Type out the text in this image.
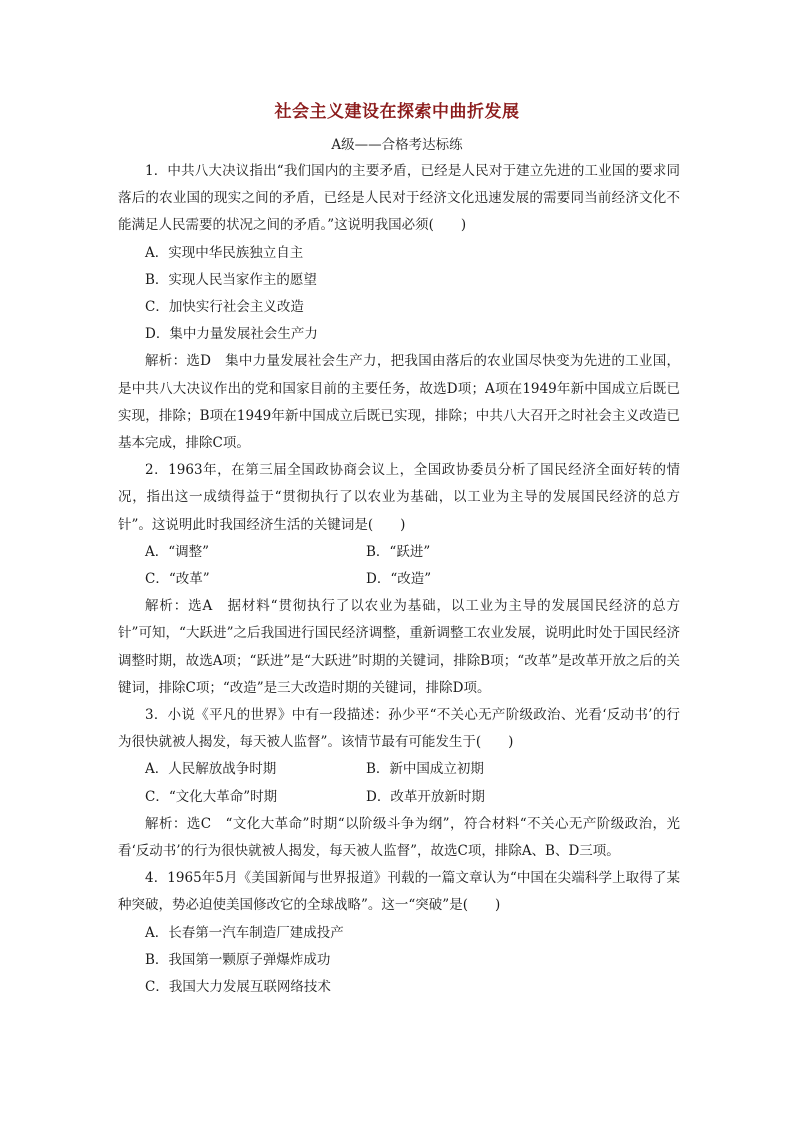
社会主义建设在探索中曲折发展
A级——合格考达标练

1．中共八大决议指出“我们国内的主要矛盾，已经是人民对于建立先进的工业国的要求同落后的农业国的现实之间的矛盾，已经是人民对于经济文化迅速发展的需要同当前经济文化不能满足人民需要的状况之间的矛盾。”这说明我国必须(　　)

A．实现中华民族独立自主

B．实现人民当家作主的愿望

C．加快实行社会主义改造

D．集中力量发展社会生产力

解析：选D　集中力量发展社会生产力，把我国由落后的农业国尽快变为先进的工业国，是中共八大决议作出的党和国家目前的主要任务，故选D项；A项在1949年新中国成立后既已实现，排除；B项在1949年新中国成立后既已实现，排除；中共八大召开之时社会主义改造已基本完成，排除C项。

2．1963年，在第三届全国政协商会议上，全国政协委员分析了国民经济全面好转的情况，指出这一成绩得益于“贯彻执行了以农业为基础，以工业为主导的发展国民经济的总方针”。这说明此时我国经济生活的关键词是(　　)

A．“调整”	B．“跃进”
C．“改革”	D．“改造”

解析：选A　据材料“贯彻执行了以农业为基础，以工业为主导的发展国民经济的总方针”可知，“大跃进”之后我国进行国民经济调整，重新调整工农业发展，说明此时处于国民经济调整时期，故选A项；“跃进”是“大跃进”时期的关键词，排除B项；“改革”是改革开放之后的关键词，排除C项；“改造”是三大改造时期的关键词，排除D项。

3．小说《平凡的世界》中有一段描述：孙少平“不关心无产阶级政治、光看‘反动书’的行为很快就被人揭发，每天被人监督”。该情节最有可能发生于(　　)

A．人民解放战争时期	B．新中国成立初期
C．“文化大革命”时期	D．改革开放新时期

解析：选C　“文化大革命”时期“以阶级斗争为纲”，符合材料“不关心无产阶级政治，光看‘反动书’的行为很快就被人揭发，每天被人监督”，故选C项，排除A、B、D三项。

4．1965年5月《美国新闻与世界报道》刊载的一篇文章认为“中国在尖端科学上取得了某种突破，势必迫使美国修改它的全球战略”。这一“突破”是(　　)

A．长春第一汽车制造厂建成投产

B．我国第一颗原子弹爆炸成功

C．我国大力发展互联网络技术
